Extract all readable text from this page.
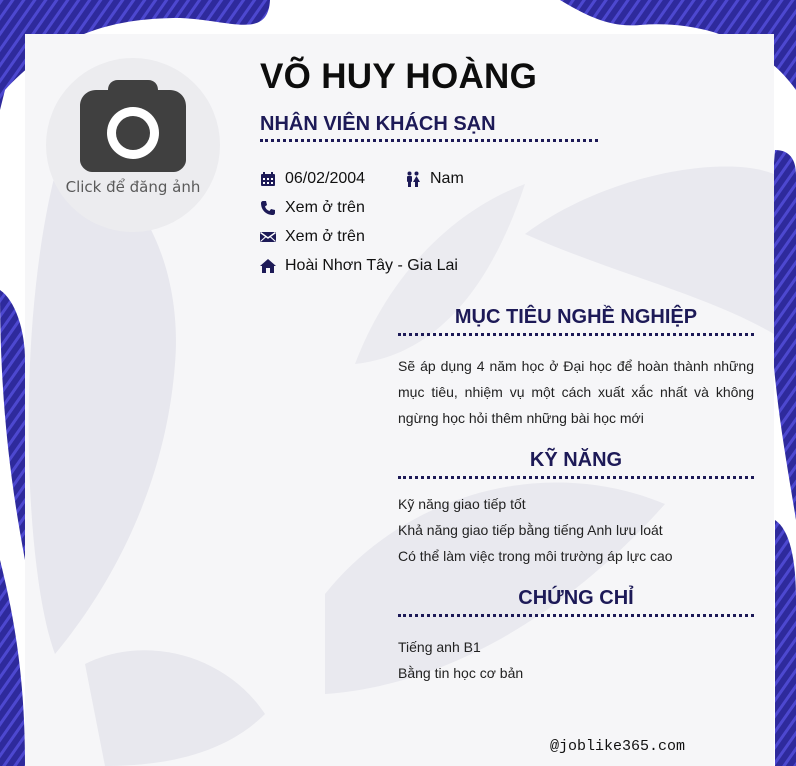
Click để đăng ảnh
VÕ HUY HOÀNG
NHÂN VIÊN KHÁCH SẠN
06/02/2004	Nam
Xem ở trên
Xem ở trên
Hoài Nhơn Tây - Gia Lai
MỤC TIÊU NGHỀ NGHIỆP
Sẽ áp dụng 4 năm học ở Đại học để hoàn thành những mục tiêu, nhiệm vụ một cách xuất xắc nhất và không ngừng học hỏi thêm những bài học mới
KỸ NĂNG
Kỹ năng giao tiếp tốt
Khả năng giao tiếp bằng tiếng Anh lưu loát
Có thể làm việc trong môi trường áp lực cao
CHỨNG CHỈ
Tiếng anh B1
Bằng tin học cơ bản
@joblike365.com
